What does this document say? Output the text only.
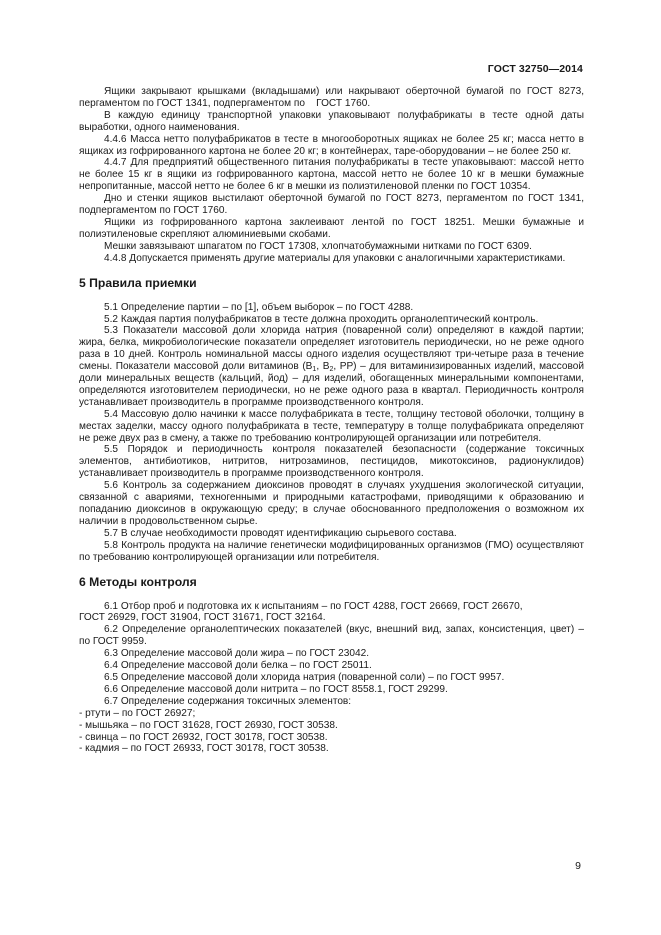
ГОСТ 32750—2014

Ящики закрывают крышками (вкладышами) или накрывают оберточной бумагой по ГОСТ 8273, пергаментом по ГОСТ 1341, подпергаментом по    ГОСТ 1760.

В каждую единицу транспортной упаковки упаковывают полуфабрикаты в тесте одной даты выработки, одного наименования.

4.4.6 Масса нетто полуфабрикатов в тесте в многооборотных ящиках не более 25 кг; масса нетто в ящиках из гофрированного картона не более 20 кг; в контейнерах, таре-оборудовании – не более 250 кг.

4.4.7 Для предприятий общественного питания полуфабрикаты в тесте упаковывают: массой нетто не более 15 кг в ящики из гофрированного картона, массой нетто не более 10 кг в мешки бумажные непропитанные, массой нетто не более 6 кг в мешки из полиэтиленовой пленки по ГОСТ 10354.

Дно и стенки ящиков выстилают оберточной бумагой по ГОСТ 8273, пергаментом по ГОСТ 1341, подпергаментом по ГОСТ 1760.

Ящики из гофрированного картона заклеивают лентой по ГОСТ 18251. Мешки бумажные и полиэтиленовые скрепляют алюминиевыми скобами.

Мешки завязывают шпагатом по ГОСТ 17308, хлопчатобумажными нитками по ГОСТ 6309.

4.4.8 Допускается применять другие материалы для упаковки с аналогичными характеристиками.

5 Правила приемки

5.1 Определение партии – по [1], объем выборок – по ГОСТ 4288.

5.2 Каждая партия полуфабрикатов в тесте должна проходить органолептический контроль.

5.3 Показатели массовой доли хлорида натрия (поваренной соли) определяют в каждой партии; жира, белка, микробиологические показатели определяет изготовитель периодически, но не реже одного раза в 10 дней. Контроль номинальной массы одного изделия осуществляют три-четыре раза в течение смены. Показатели массовой доли витаминов ($B_1$, $B_2$, PP) – для витаминизированных изделий, массовой доли минеральных веществ (кальций, йод) – для изделий, обогащенных минеральными компонентами, определяются изготовителем периодически, но не реже одного раза в квартал. Периодичность контроля устанавливает производитель в программе производственного контроля.

5.4 Массовую долю начинки к массе полуфабриката в тесте, толщину тестовой оболочки, толщину в местах заделки, массу одного полуфабриката в тесте, температуру в толще полуфабриката определяют не реже двух раз в смену, а также по требованию контролирующей организации или потребителя.

5.5 Порядок и периодичность контроля показателей безопасности (содержание токсичных элементов, антибиотиков, нитритов, нитрозаминов, пестицидов, микотоксинов, радионуклидов) устанавливает производитель в программе производственного контроля.

5.6 Контроль за содержанием диоксинов проводят в случаях ухудшения экологической ситуации, связанной с авариями, техногенными и природными катастрофами, приводящими к образованию и попаданию диоксинов в окружающую среду; в случае обоснованного предположения о возможном их наличии в продовольственном сырье.

5.7 В случае необходимости проводят идентификацию сырьевого состава.

5.8 Контроль продукта на наличие генетически модифицированных организмов (ГМО) осуществляют по требованию контролирующей организации или потребителя.

6 Методы контроля

6.1 Отбор проб и подготовка их к испытаниям – по ГОСТ 4288, ГОСТ 26669, ГОСТ 26670,

ГОСТ 26929, ГОСТ 31904, ГОСТ 31671, ГОСТ 32164.

6.2 Определение органолептических показателей (вкус, внешний вид, запах, консистенция, цвет) – по ГОСТ 9959.

6.3 Определение массовой доли жира – по ГОСТ 23042.

6.4 Определение массовой доли белка – по ГОСТ 25011.

6.5 Определение массовой доли хлорида натрия (поваренной соли) – по ГОСТ 9957.

6.6 Определение массовой доли нитрита – по ГОСТ 8558.1, ГОСТ 29299.

6.7 Определение содержания токсичных элементов:

- ртути – по ГОСТ 26927;

- мышьяка – по ГОСТ 31628, ГОСТ 26930, ГОСТ 30538.

- свинца – по ГОСТ 26932, ГОСТ 30178, ГОСТ 30538.

- кадмия – по ГОСТ 26933, ГОСТ 30178, ГОСТ 30538.

9
